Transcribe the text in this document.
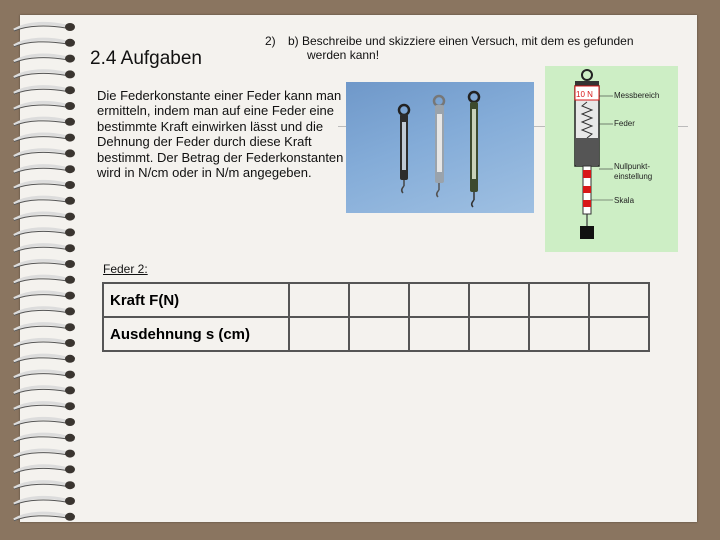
2.4 Aufgaben
2) b) Beschreibe und skizziere einen Versuch, mit dem es gefunden
werden kann!
Die Federkonstante einer Feder kann man ermitteln, indem man auf eine Feder eine bestimmte Kraft einwirken lässt und die Dehnung der Feder durch diese Kraft bestimmt. Der Betrag der Federkonstanten wird in N/cm oder in N/m angegeben.
10 N	Messbereich
Feder
Nullpunkt-
einstellung
Skala
Feder 2:
Kraft F(N)						
Ausdehnung s (cm)						
